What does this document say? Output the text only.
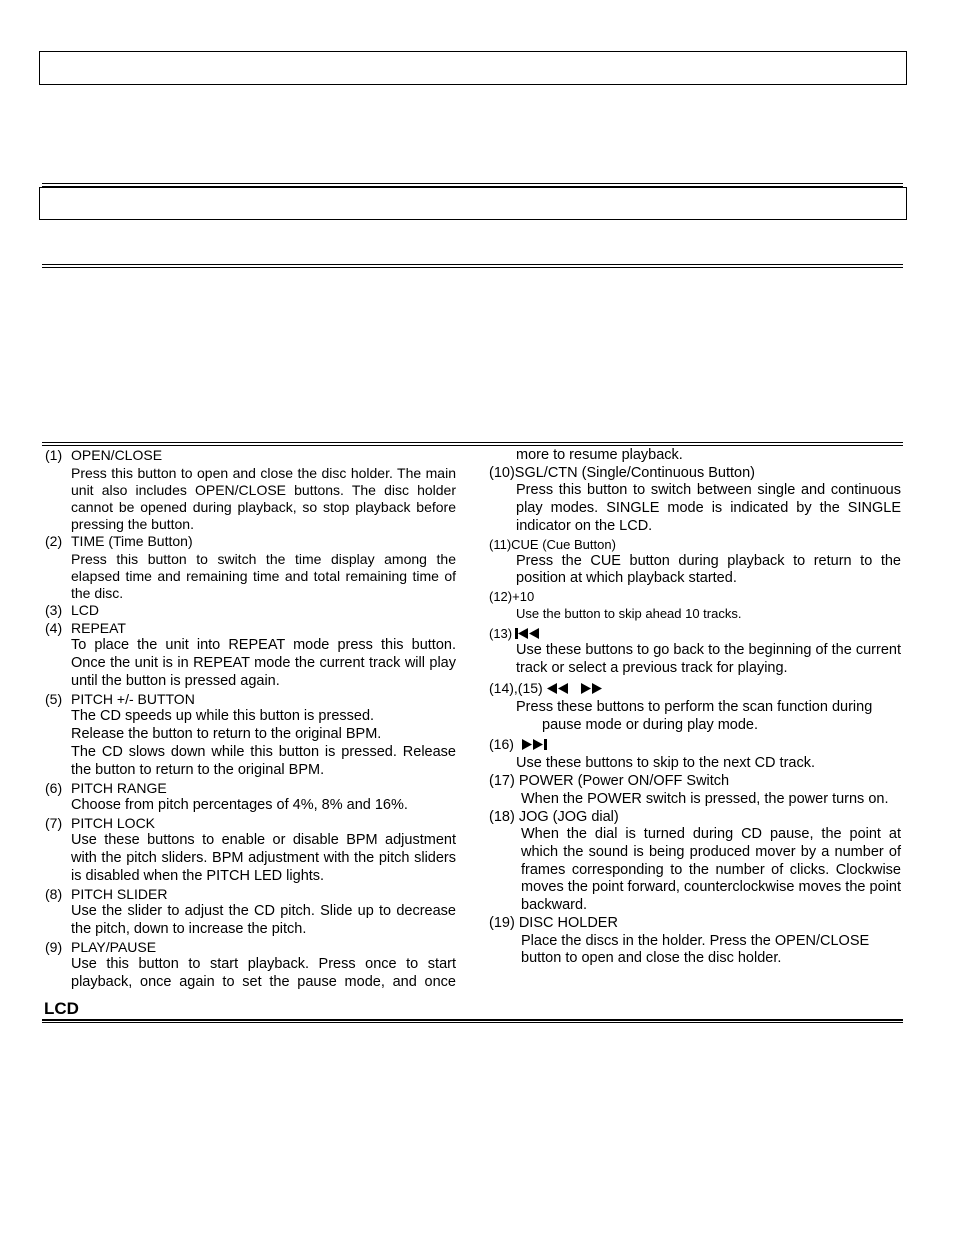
(1) OPEN/CLOSE
Press this button to open and close the disc holder. The main unit also includes OPEN/CLOSE buttons. The disc holder cannot be opened during playback, so stop playback before pressing the button.
(2) TIME (Time Button)
Press this button to switch the time display among the elapsed time and remaining time and total remaining time of the disc.
(3) LCD
(4) REPEAT
To place the unit into REPEAT mode press this button. Once the unit is in REPEAT mode the current track will play until the button is pressed again.
(5) PITCH +/- BUTTON
The CD speeds up while this button is pressed.
Release the button to return to the original BPM.
The CD slows down while this button is pressed. Release the button to return to the original BPM.
(6) PITCH RANGE
Choose from pitch percentages of 4%, 8% and 16%.
(7) PITCH LOCK
Use these buttons to enable or disable BPM adjustment with the pitch sliders. BPM adjustment with the pitch sliders is disabled when the PITCH LED lights.
(8) PITCH SLIDER
Use the slider to adjust the CD pitch. Slide up to decrease the pitch, down to increase the pitch.
(9) PLAY/PAUSE
Use this button to start playback. Press once to start playback, once again to set the pause mode, and once
more to resume playback.
(10)SGL/CTN (Single/Continuous Button)
Press this button to switch between single and continuous play modes. SINGLE mode is indicated by the SINGLE indicator on the LCD.
(11)CUE (Cue Button)
Press the CUE button during playback to return to the position at which playback started.
(12)+10
Use the button to skip ahead 10 tracks.
(13)
Use these buttons to go back to the beginning of the current track or select a previous track for playing.
(14),(15)
Press these buttons to perform the scan function during pause mode or during play mode.
(16)
Use these buttons to skip to the next CD track.
(17) POWER (Power ON/OFF Switch
When the POWER switch is pressed, the power turns on.
(18) JOG (JOG dial)
When the dial is turned during CD pause, the point at which the sound is being produced mover by a number of frames corresponding to the number of clicks. Clockwise moves the point forward, counterclockwise moves the point backward.
(19) DISC HOLDER
Place the discs in the holder. Press the OPEN/CLOSE button to open and close the disc holder.
LCD
